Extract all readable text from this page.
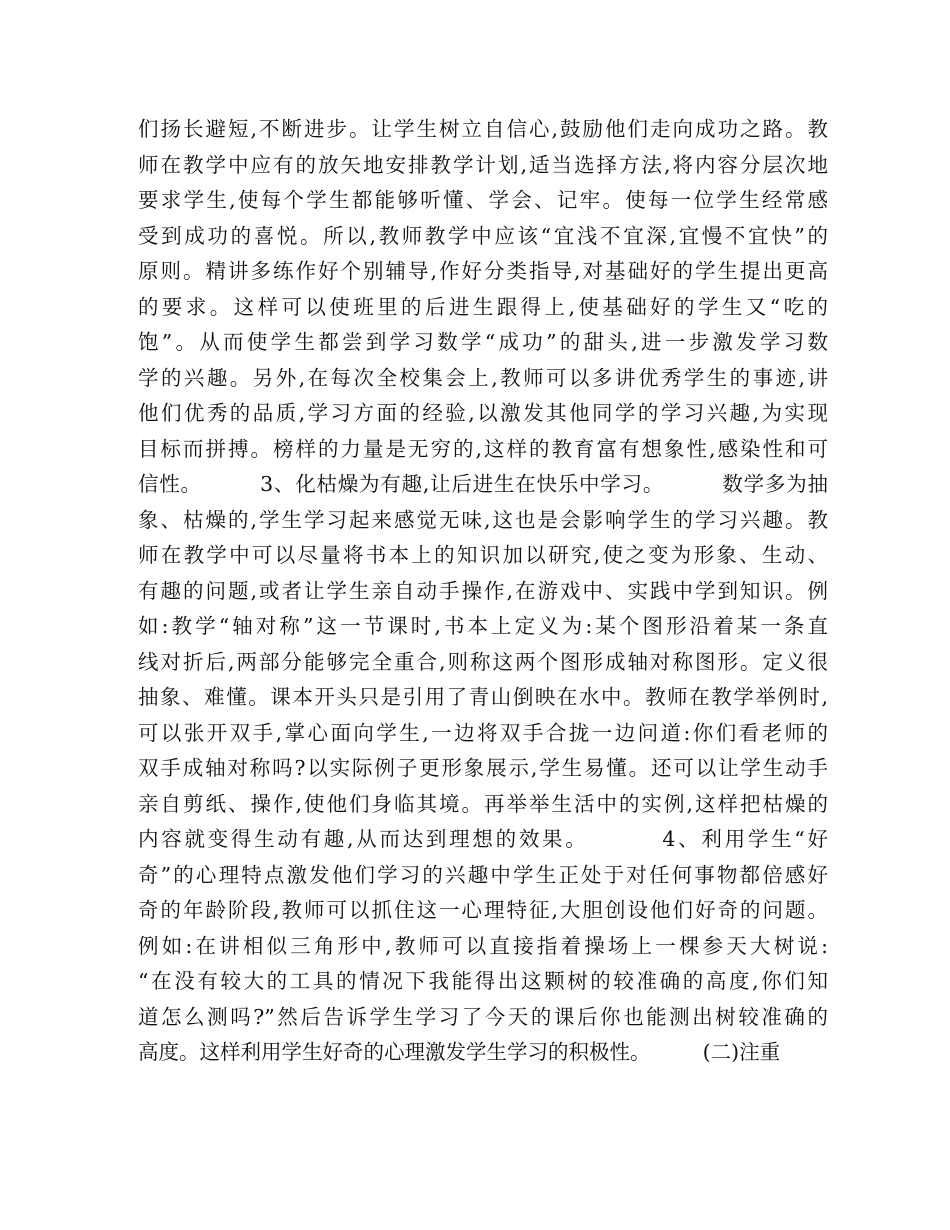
们扬长避短,不断进步。让学生树立自信心,鼓励他们走向成功之路。教
师在教学中应有的放矢地安排教学计划,适当选择方法,将内容分层次地
要求学生,使每个学生都能够听懂、学会、记牢。使每一位学生经常感
受到成功的喜悦。所以,教师教学中应该“宜浅不宜深,宜慢不宜快”的
原则。精讲多练作好个别辅导,作好分类指导,对基础好的学生提出更高
的要求。这样可以使班里的后进生跟得上,使基础好的学生又“吃的
饱”。从而使学生都尝到学习数学“成功”的甜头,进一步激发学习数
学的兴趣。另外,在每次全校集会上,教师可以多讲优秀学生的事迹,讲
他们优秀的品质,学习方面的经验,以激发其他同学的学习兴趣,为实现
目标而拼搏。榜样的力量是无穷的,这样的教育富有想象性,感染性和可
信性。        3、化枯燥为有趣,让后进生在快乐中学习。        数学多为抽
象、枯燥的,学生学习起来感觉无味,这也是会影响学生的学习兴趣。教
师在教学中可以尽量将书本上的知识加以研究,使之变为形象、生动、
有趣的问题,或者让学生亲自动手操作,在游戏中、实践中学到知识。例
如:教学“轴对称”这一节课时,书本上定义为:某个图形沿着某一条直
线对折后,两部分能够完全重合,则称这两个图形成轴对称图形。定义很
抽象、难懂。课本开头只是引用了青山倒映在水中。教师在教学举例时,
可以张开双手,掌心面向学生,一边将双手合拢一边问道:你们看老师的
双手成轴对称吗?以实际例子更形象展示,学生易懂。还可以让学生动手
亲自剪纸、操作,使他们身临其境。再举举生活中的实例,这样把枯燥的
内容就变得生动有趣,从而达到理想的效果。        4、利用学生“好
奇”的心理特点激发他们学习的兴趣中学生正处于对任何事物都倍感好
奇的年龄阶段,教师可以抓住这一心理特征,大胆创设他们好奇的问题。
例如:在讲相似三角形中,教师可以直接指着操场上一棵参天大树说:
“在没有较大的工具的情况下我能得出这颗树的较准确的高度,你们知
道怎么测吗?”然后告诉学生学习了今天的课后你也能测出树较准确的
高度。这样利用学生好奇的心理激发学生学习的积极性。        (二)注重
